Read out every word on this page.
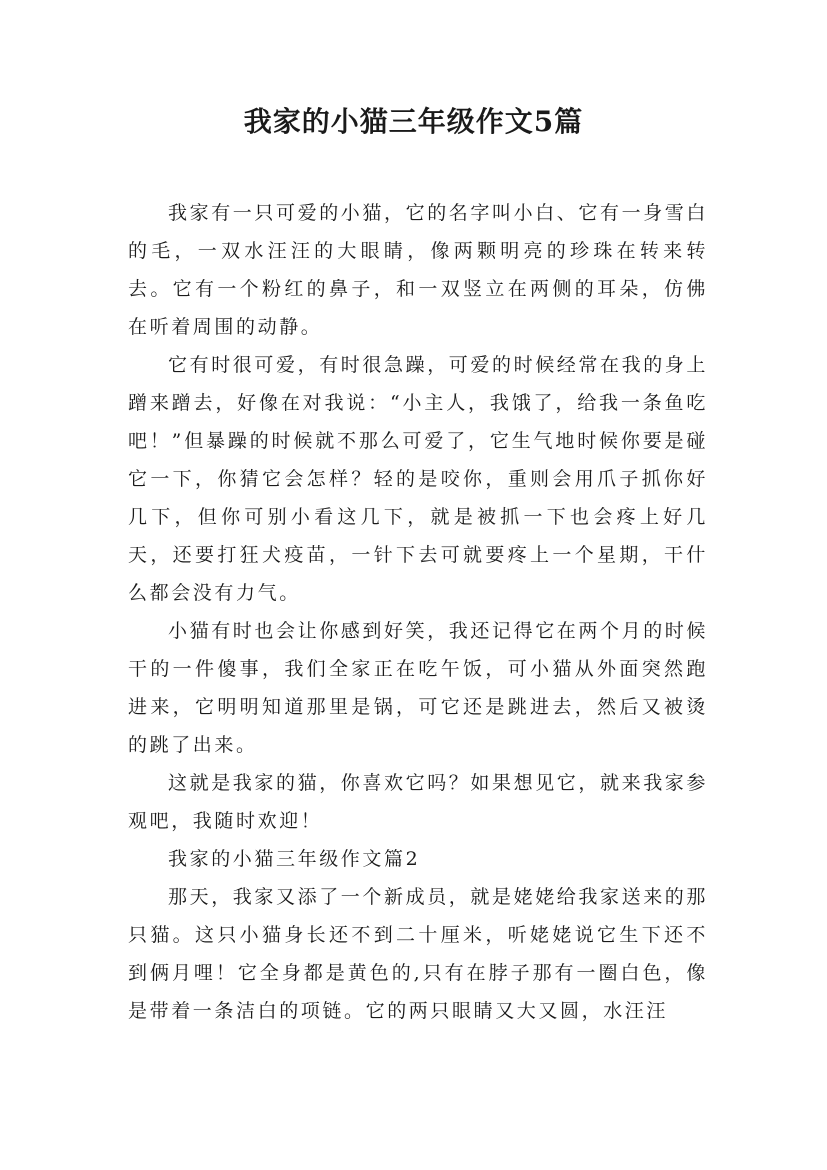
我家的小猫三年级作文5篇

我家有一只可爱的小猫，它的名字叫小白、它有一身雪白的毛，一双水汪汪的大眼睛，像两颗明亮的珍珠在转来转去。它有一个粉红的鼻子，和一双竖立在两侧的耳朵，仿佛在听着周围的动静。

它有时很可爱，有时很急躁，可爱的时候经常在我的身上蹭来蹭去，好像在对我说：“小主人，我饿了，给我一条鱼吃吧！”但暴躁的时候就不那么可爱了，它生气地时候你要是碰它一下，你猜它会怎样？轻的是咬你，重则会用爪子抓你好几下，但你可别小看这几下，就是被抓一下也会疼上好几天，还要打狂犬疫苗，一针下去可就要疼上一个星期，干什么都会没有力气。

小猫有时也会让你感到好笑，我还记得它在两个月的时候干的一件傻事，我们全家正在吃午饭，可小猫从外面突然跑进来，它明明知道那里是锅，可它还是跳进去，然后又被烫的跳了出来。

这就是我家的猫，你喜欢它吗？如果想见它，就来我家参观吧，我随时欢迎！

我家的小猫三年级作文篇2

那天，我家又添了一个新成员，就是姥姥给我家送来的那只猫。这只小猫身长还不到二十厘米，听姥姥说它生下还不到俩月哩！它全身都是黄色的,只有在脖子那有一圈白色，像是带着一条洁白的项链。它的两只眼睛又大又圆，水汪汪
